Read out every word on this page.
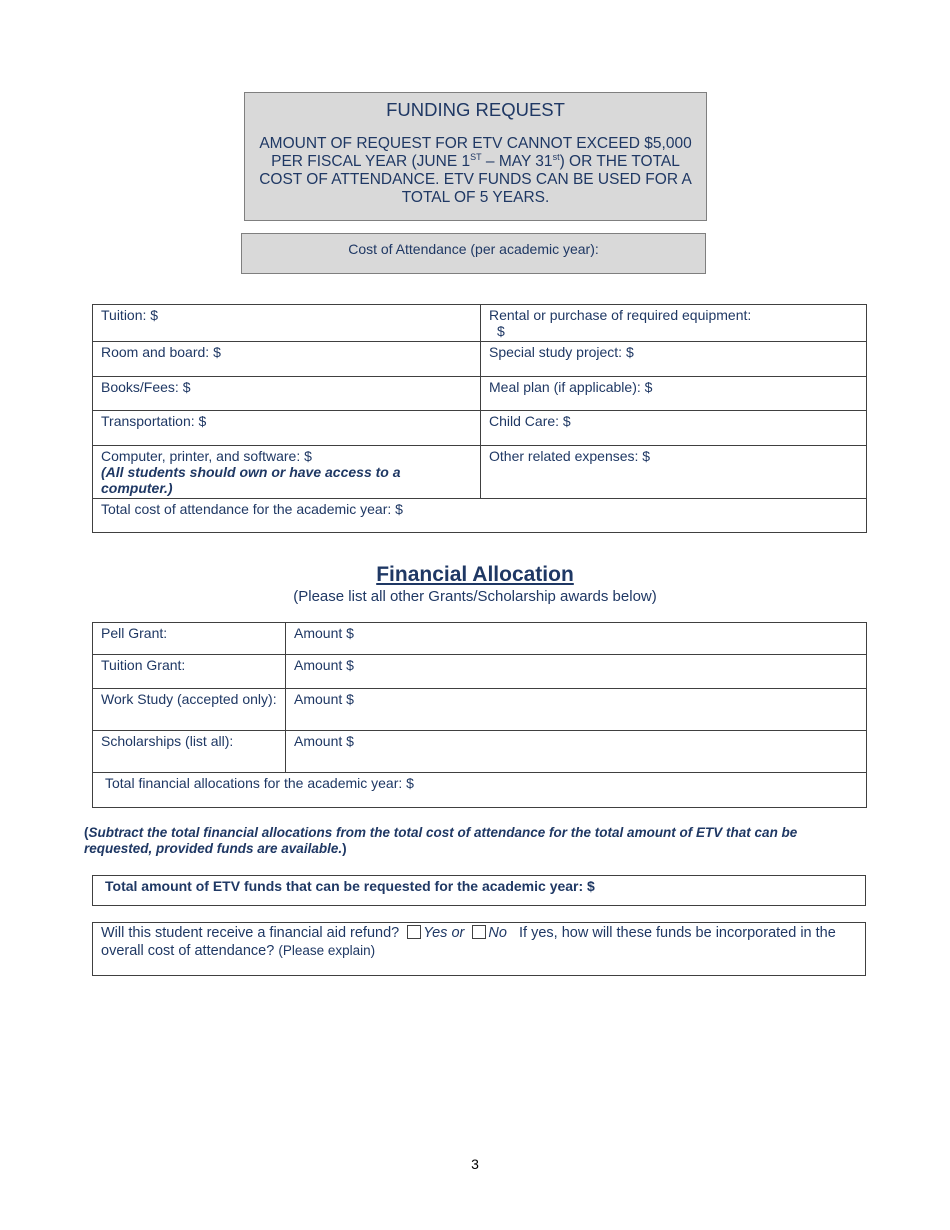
FUNDING REQUEST
AMOUNT OF REQUEST FOR ETV CANNOT EXCEED $5,000
PER FISCAL YEAR (JUNE 1ST – MAY 31st) OR THE TOTAL
COST OF ATTENDANCE. ETV FUNDS CAN BE USED FOR A
TOTAL OF 5 YEARS.
Cost of Attendance (per academic year):
Tuition: $	Rental or purchase of required equipment:
$
Room and board: $	Special study project: $
Books/Fees: $	Meal plan (if applicable): $
Transportation: $	Child Care: $
Computer, printer, and software: $
(All students should own or have access to a computer.)	Other related expenses: $
Total cost of attendance for the academic year: $	
Financial Allocation
(Please list all other Grants/Scholarship awards below)
Pell Grant:	Amount $
Tuition Grant:	Amount $
Work Study (accepted only):	Amount $
Scholarships (list all):	Amount $
Total financial allocations for the academic year: $	
(Subtract the total financial allocations from the total cost of attendance for the total amount of ETV that can be requested, provided funds are available.)
Total amount of ETV funds that can be requested for the academic year: $
Will this student receive a financial aid refund? Yes or No If yes, how will these funds be incorporated in the overall cost of attendance? (Please explain)
3
